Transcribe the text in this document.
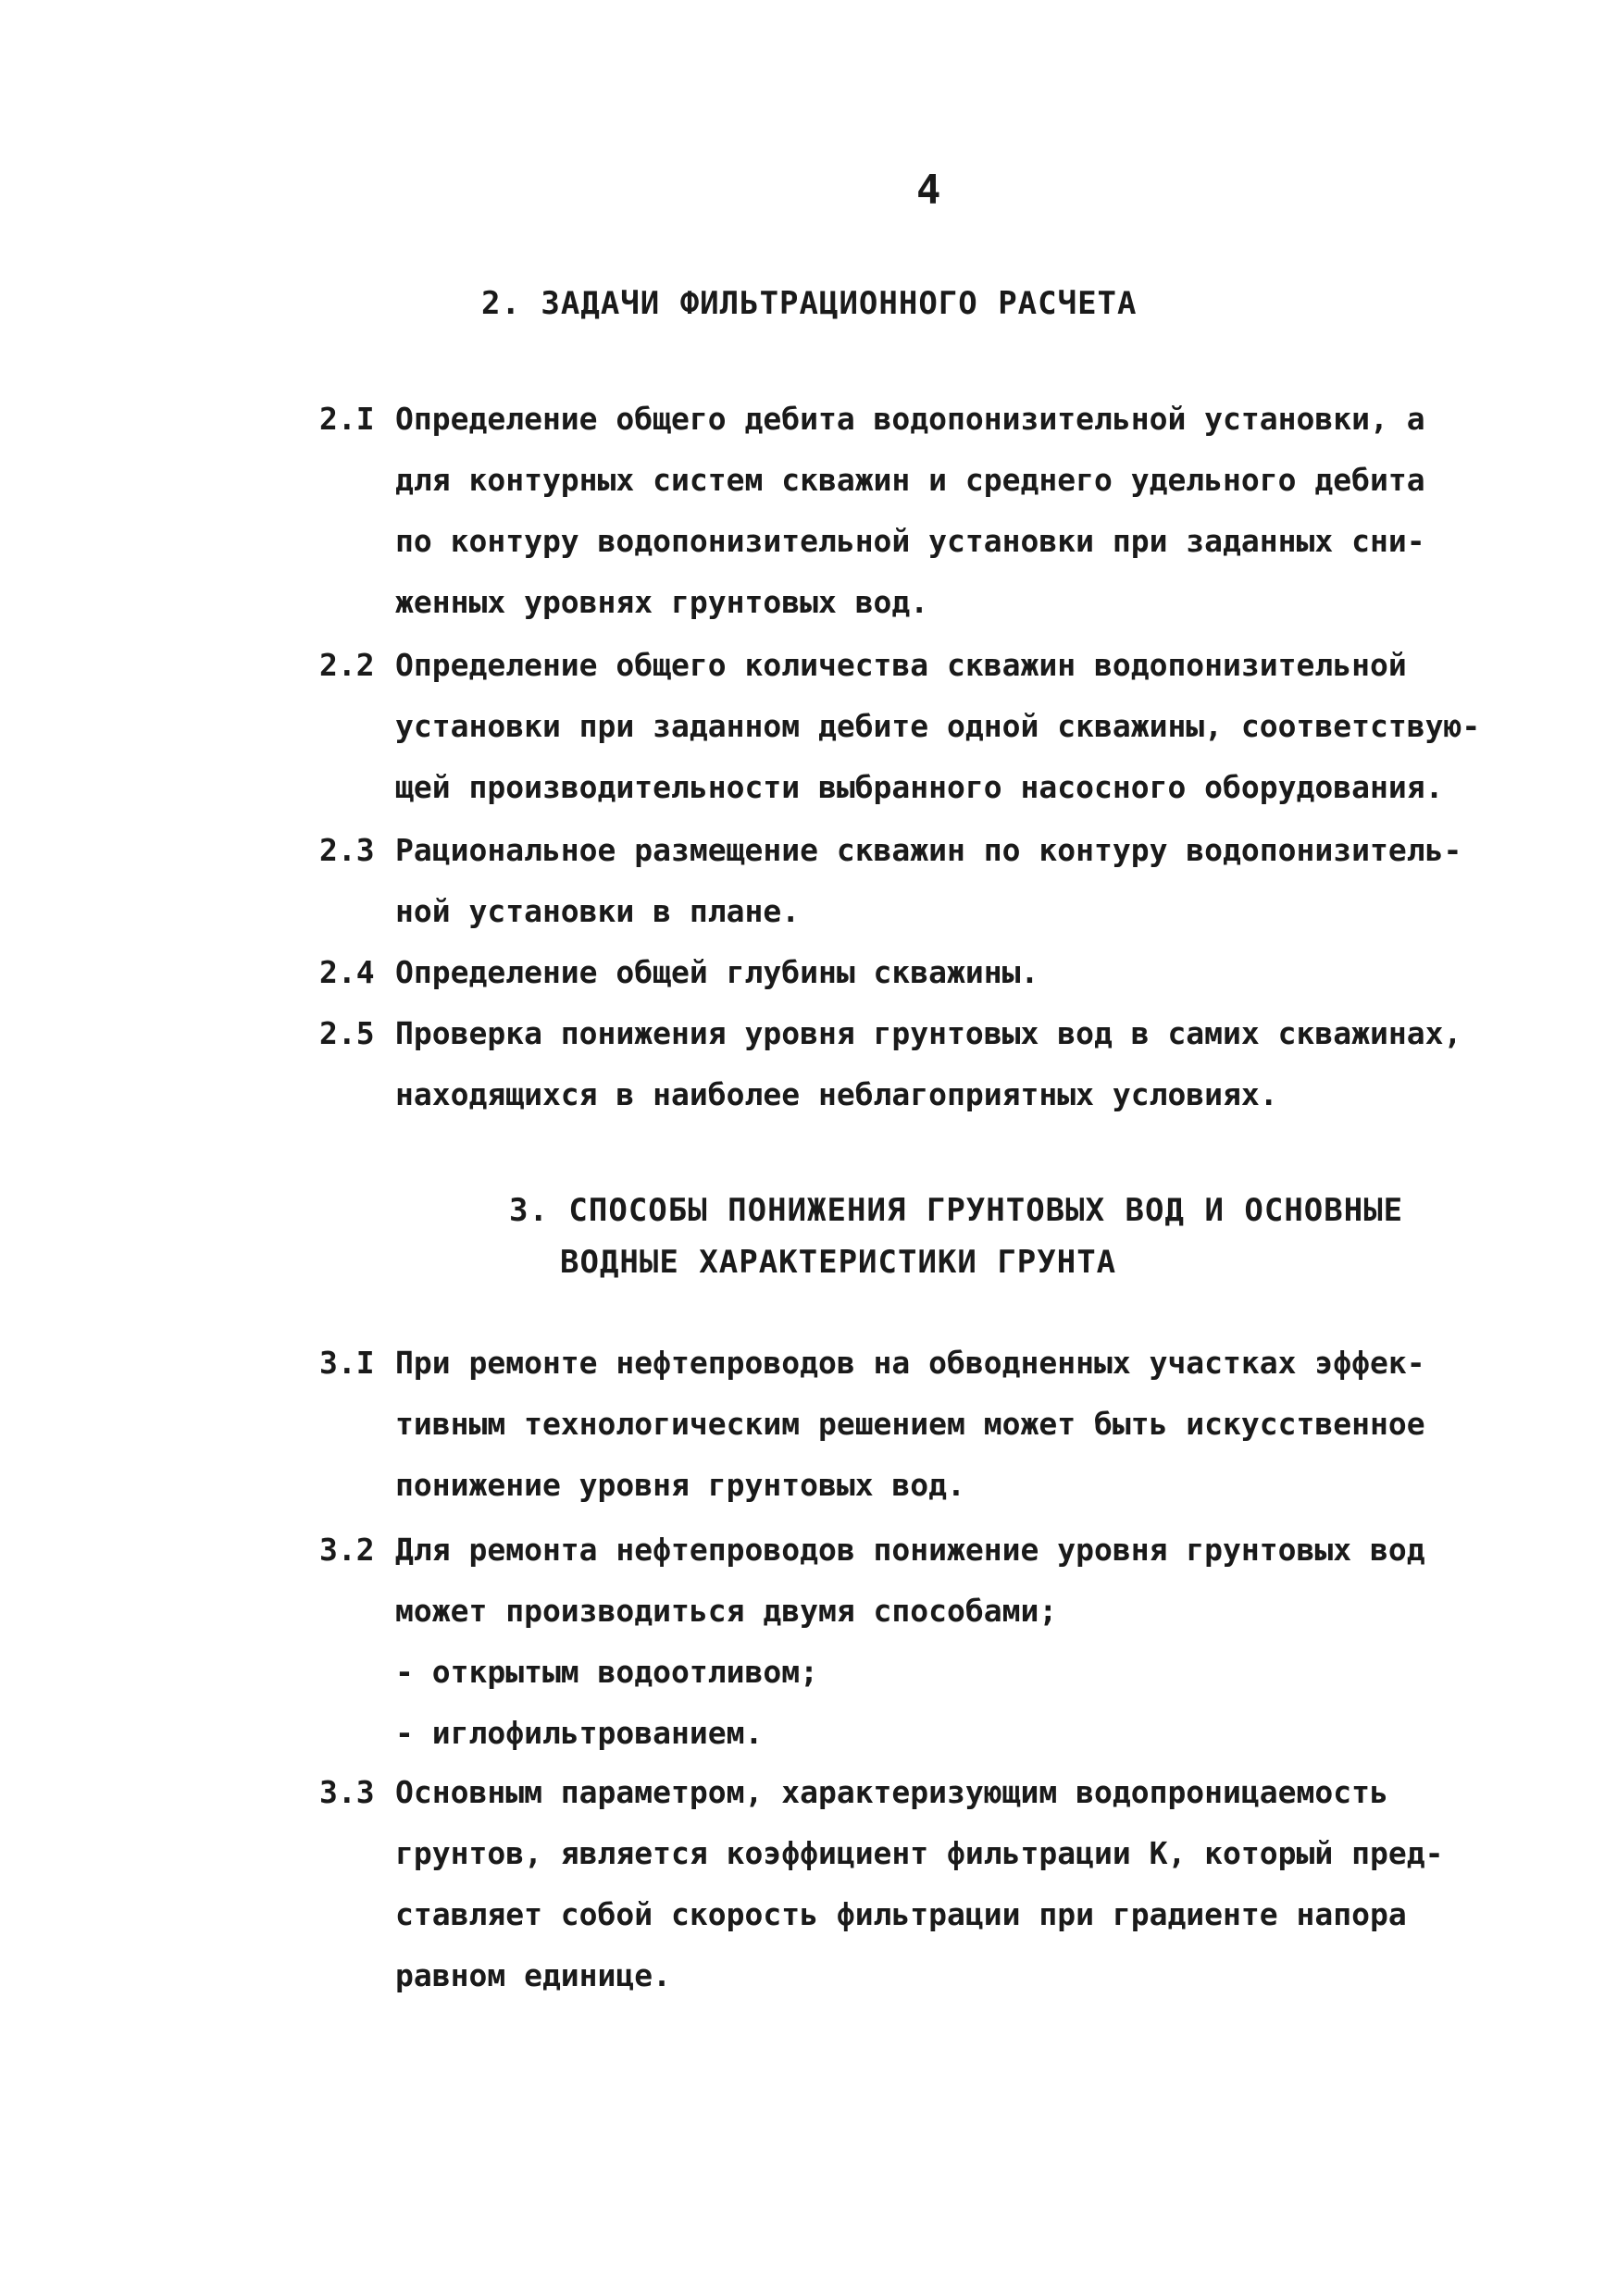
4
2. ЗАДАЧИ ФИЛЬТРАЦИОННОГО РАСЧЕТА
2.I Определение общего дебита водопонизительной установки, а
для контурных систем скважин и среднего удельного дебита
по контуру водопонизительной установки при заданных сни-
женных уровнях грунтовых вод.
2.2 Определение общего количества скважин водопонизительной
установки при заданном дебите одной скважины, соответствую-
щей производительности выбранного насосного оборудования.
2.3 Рациональное размещение скважин по контуру водопонизитель-
ной установки в плане.
2.4 Определение общей глубины скважины.
2.5 Проверка понижения уровня грунтовых вод в самих скважинах,
находящихся в наиболее неблагоприятных условиях.
3. СПОСОБЫ ПОНИЖЕНИЯ ГРУНТОВЫХ ВОД И ОСНОВНЫЕ
ВОДНЫЕ ХАРАКТЕРИСТИКИ ГРУНТА
3.I При ремонте нефтепроводов на обводненных участках эффек-
тивным технологическим решением может быть искусственное
понижение уровня грунтовых вод.
3.2 Для ремонта нефтепроводов понижение уровня грунтовых вод
может производиться двумя способами;
- открытым водоотливом;
- иглофильтрованием.
3.3 Основным параметром, характеризующим водопроницаемость
грунтов, является коэффициент фильтрации К, который пред-
ставляет собой скорость фильтрации при градиенте напора
равном единице.
